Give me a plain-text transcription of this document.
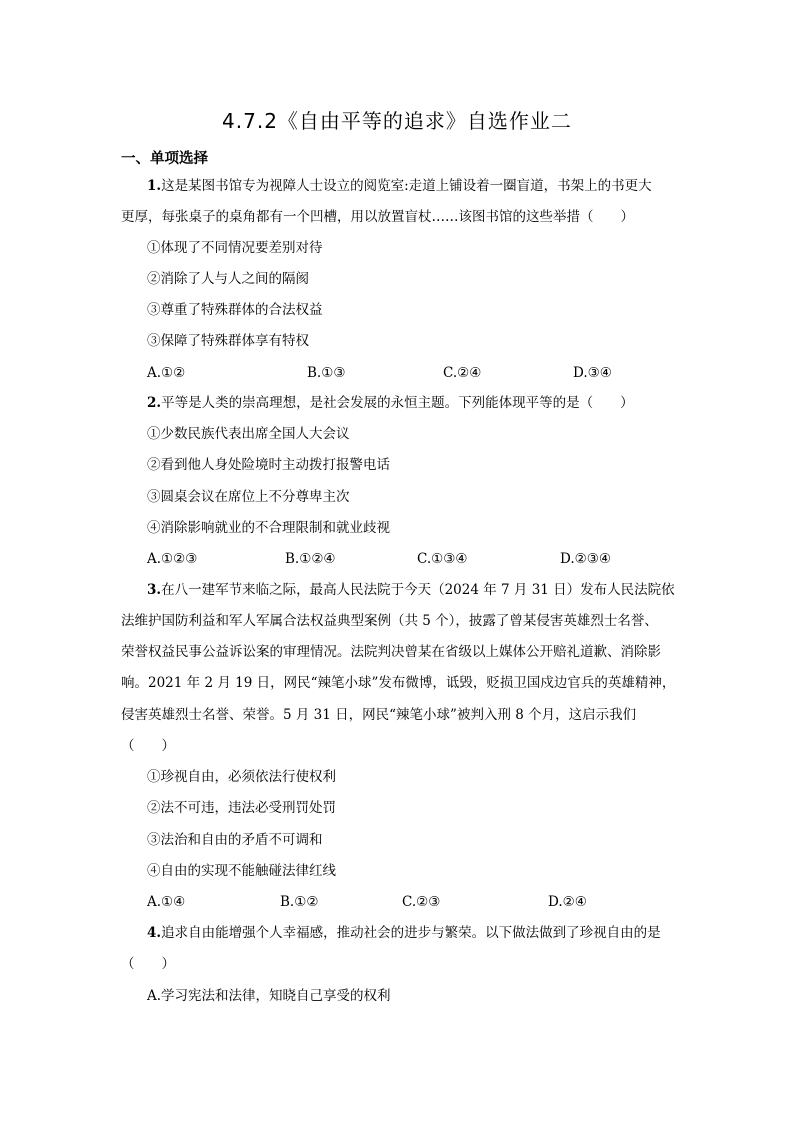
4.7.2《自由平等的追求》自选作业二
一、单项选择
1.这是某图书馆专为视障人士设立的阅览室:走道上铺设着一圈盲道，书架上的书更大
更厚，每张桌子的桌角都有一个凹槽，用以放置盲杖……该图书馆的这些举措（　　）
①体现了不同情况要差别对待
②消除了人与人之间的隔阂
③尊重了特殊群体的合法权益
③保障了特殊群体享有特权
A.①②	B.①③	C.②④	D.③④
2.平等是人类的崇高理想，是社会发展的永恒主题。下列能体现平等的是（　　）
①少数民族代表出席全国人大会议
②看到他人身处险境时主动拨打报警电话
③圆桌会议在席位上不分尊卑主次
④消除影响就业的不合理限制和就业歧视
A.①②③	B.①②④	C.①③④	D.②③④
3.在八一建军节来临之际，最高人民法院于今天（2024 年 7 月 31 日）发布人民法院依
法维护国防利益和军人军属合法权益典型案例（共 5 个），披露了曾某侵害英雄烈士名誉、
荣誉权益民事公益诉讼案的审理情况。法院判决曾某在省级以上媒体公开赔礼道歉、消除影
响。2021 年 2 月 19 日，网民“辣笔小球”发布微博，诋毁，贬损卫国戍边官兵的英雄精神，
侵害英雄烈士名誉、荣誉。5 月 31 日，网民“辣笔小球”被判入刑 8 个月，这启示我们
（　　）
①珍视自由，必须依法行使权利
②法不可违，违法必受刑罚处罚
③法治和自由的矛盾不可调和
④自由的实现不能触碰法律红线
A.①④	B.①②	C.②③	D.②④
4.追求自由能增强个人幸福感，推动社会的进步与繁荣。以下做法做到了珍视自由的是
（　　）
A.学习宪法和法律，知晓自己享受的权利
